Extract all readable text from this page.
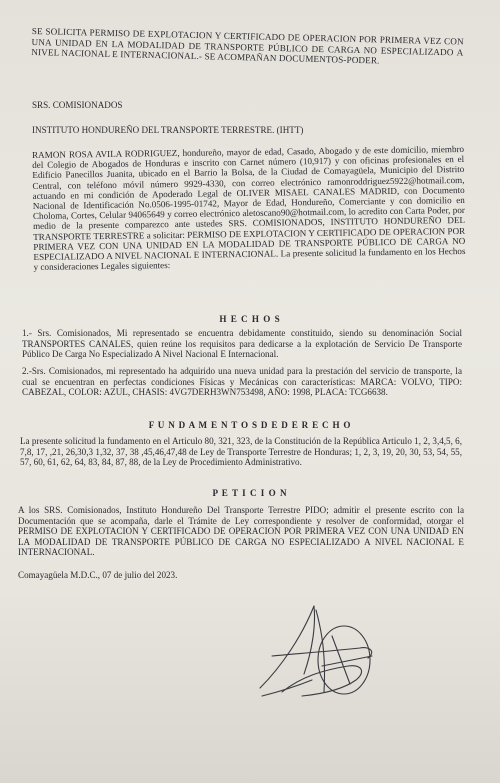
SE SOLICITA PERMISO DE EXPLOTACION Y CERTIFICADO DE OPERACION POR PRIMERA VEZ CON UNA UNIDAD EN LA MODALIDAD DE TRANSPORTE PÚBLICO DE CARGA NO ESPECIALIZADO A NIVEL NACIONAL E INTERNACIONAL.- SE ACOMPAÑAN DOCUMENTOS-PODER.

SRS. COMISIONADOS

INSTITUTO HONDUREÑO DEL TRANSPORTE TERRESTRE. (IHTT)

RAMON ROSA AVILA RODRIGUEZ, hondureño, mayor de edad, Casado, Abogado y de este domicilio, miembro del Colegio de Abogados de Honduras e inscrito con Carnet número (10,917) y con oficinas profesionales en el Edificio Panecillos Juanita, ubicado en el Barrio la Bolsa, de la Ciudad de Comayagüela, Municipio del Distrito Central, con teléfono móvil número 9929-4330, con correo electrónico ramonroddriguez5922@hotmail.com, actuando en mi condición de Apoderado Legal de OLIVER MISAEL CANALES MADRID, con Documento Nacional de Identificación No.0506-1995-01742, Mayor de Edad, Hondureño, Comerciante y con domicilio en Choloma, Cortes, Celular 94065649 y correo electrónico aletoscano90@hotmail.com, lo acredito con Carta Poder, por medio de la presente comparezco ante ustedes SRS. COMISIONADOS, INSTITUTO HONDUREÑO DEL TRANSPORTE TERRESTRE a solicitar: PERMISO DE EXPLOTACION Y CERTIFICADO DE OPERACION POR PRIMERA VEZ CON UNA UNIDAD EN LA MODALIDAD DE TRANSPORTE PÚBLICO DE CARGA NO ESPECIALIZADO A NIVEL NACIONAL E INTERNACIONAL. La presente solicitud la fundamento en los Hechos y consideraciones Legales siguientes:

H E C H O S

1.- Srs. Comisionados, Mi representado se encuentra debidamente constituido, siendo su denominación Social TRANSPORTES CANALES, quien reúne los requisitos para dedicarse a la explotación de Servicio De Transporte Público De Carga No Especializado A Nivel Nacional E Internacional.

2.-Srs. Comisionados, mi representado ha adquirido una nueva unidad para la prestación del servicio de transporte, la cual se encuentran en perfectas condiciones Físicas y Mecánicas con características: MARCA: VOLVO, TIPO: CABEZAL, COLOR: AZUL, CHASIS: 4VG7DERH3WN753498, AÑO: 1998, PLACA: TCG6638.

F U N D A M E N T O S D E D E R E C H O

La presente solicitud la fundamento en el Articulo 80, 321, 323, de la Constitución de la República Articulo 1, 2, 3,4,5, 6, 7,8, 17, ,21, 26,30,3 1,32, 37, 38 ,45,46,47,48 de Ley de Transporte Terrestre de Honduras; 1, 2, 3, 19, 20, 30, 53, 54, 55, 57, 60, 61, 62, 64, 83, 84, 87, 88, de la Ley de Procedimiento Administrativo.

P E T I C I O N

A los SRS. Comisionados, Instituto Hondureño Del Transporte Terrestre PIDO; admitir el presente escrito con la Documentación que se acompaña, darle el Trámite de Ley correspondiente y resolver de conformidad, otorgar el PERMISO DE EXPLOTACION Y CERTIFICADO DE OPERACION POR PRIMERA VEZ CON UNA UNIDAD EN LA MODALIDAD DE TRANSPORTE PÚBLICO DE CARGA NO ESPECIALIZADO A NIVEL NACIONAL E INTERNACIONAL.

Comayagüela M.D.C., 07 de julio del 2023.
